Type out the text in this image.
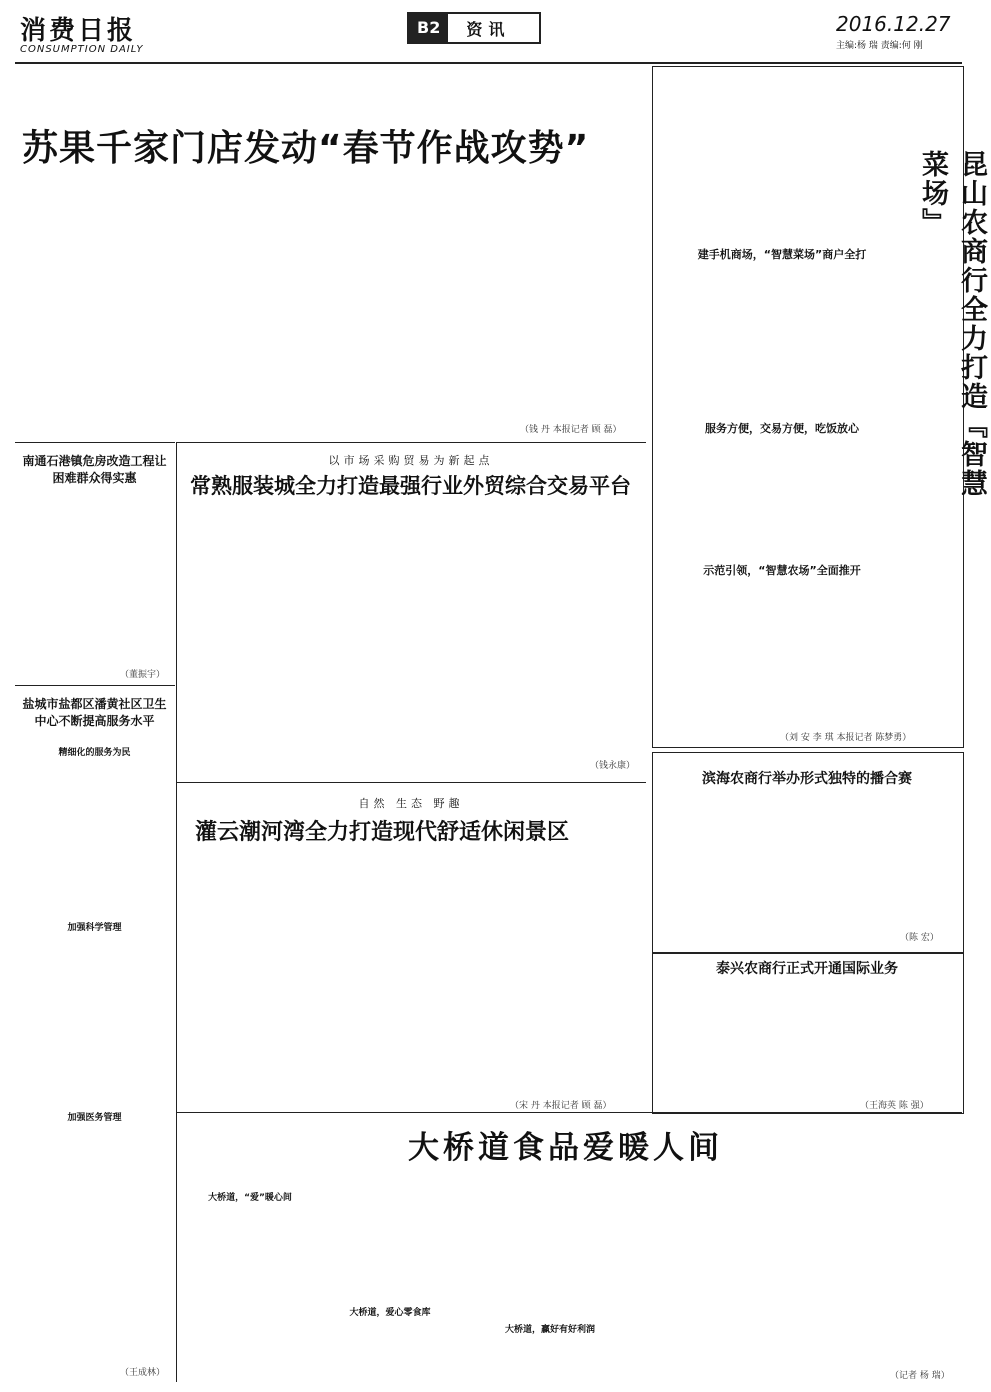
消费日报
CONSUMPTION DAILY
B2	资讯	2016.12.27
主编:杨 瑞 责编:何 刚
苏果千家门店发动“春节作战攻势”
（钱 丹 本报记者 顾 磊）	昆山农商行全力打造『智慧菜场』
建手机商场，“智慧菜场”商户全打
服务方便，交易方便，吃饭放心
示范引领，“智慧农场”全面推开
（刘 安 李 琪 本报记者 陈梦勇）
南通石港镇危房改造工程让困难群众得实惠
（董振宇）
盐城市盐都区潘黄社区卫生中心不断提高服务水平
精细化的服务为民
加强科学管理
加强医务管理
（王成林）
以市场采购贸易为新起点
常熟服装城全力打造最强行业外贸综合交易平台
（钱永康）
自然 生态 野趣
灌云潮河湾全力打造现代舒适休闲景区
（宋 丹 本报记者 顾 磊）
滨海农商行举办形式独特的播合赛
（陈 宏）
泰兴农商行正式开通国际业务
（王海英 陈 强）
大桥道食品爱暖人间
大桥道，“爱”暖心间
大桥道，爱心零食库
大桥道，赢好有好利润
（记者 杨 瑞）
